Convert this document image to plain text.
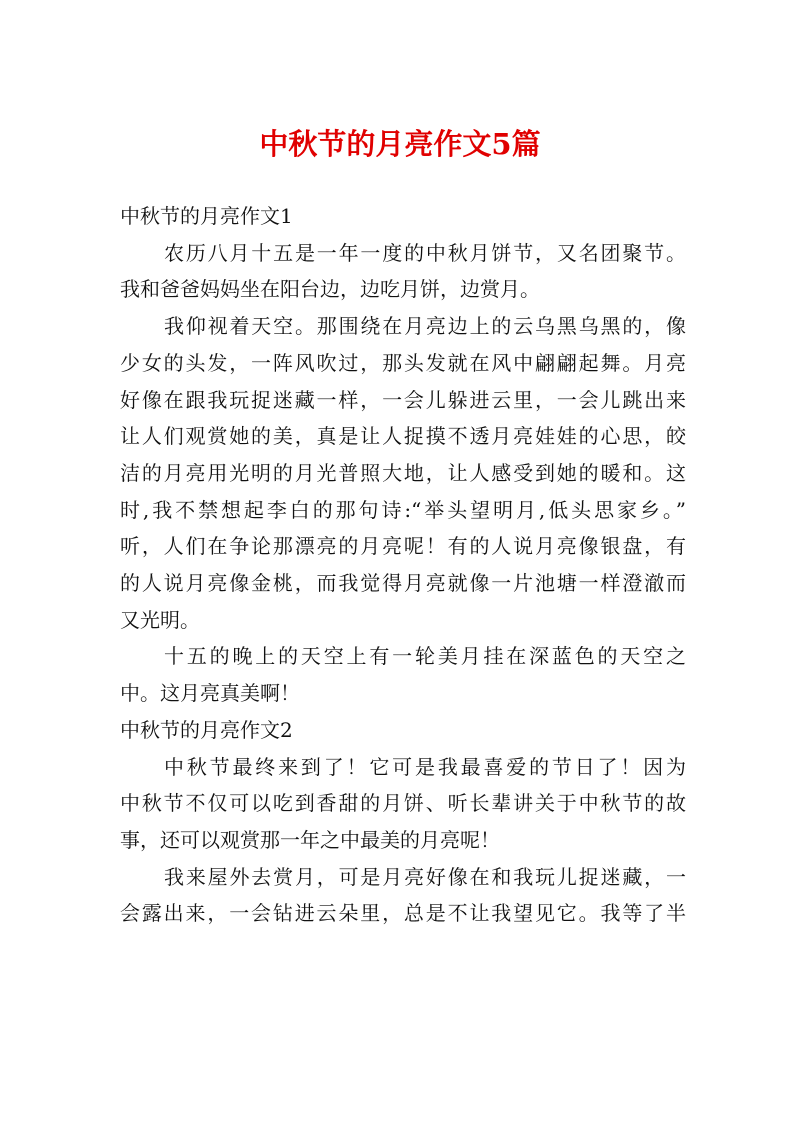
中秋节的月亮作文5篇

中秋节的月亮作文1

农历八月十五是一年一度的中秋月饼节，又名团聚节。
我和爸爸妈妈坐在阳台边，边吃月饼，边赏月。

我仰视着天空。那围绕在月亮边上的云乌黑乌黑的，像
少女的头发，一阵风吹过，那头发就在风中翩翩起舞。月亮
好像在跟我玩捉迷藏一样，一会儿躲进云里，一会儿跳出来
让人们观赏她的美，真是让人捉摸不透月亮娃娃的心思，皎
洁的月亮用光明的月光普照大地，让人感受到她的暖和。这
时,我不禁想起李白的那句诗:“举头望明月,低头思家乡。”
听，人们在争论那漂亮的月亮呢！有的人说月亮像银盘，有
的人说月亮像金桃，而我觉得月亮就像一片池塘一样澄澈而
又光明。

十五的晚上的天空上有一轮美月挂在深蓝色的天空之
中。这月亮真美啊！

中秋节的月亮作文2

中秋节最终来到了！它可是我最喜爱的节日了！因为
中秋节不仅可以吃到香甜的月饼、听长辈讲关于中秋节的故
事，还可以观赏那一年之中最美的月亮呢！

我来屋外去赏月，可是月亮好像在和我玩儿捉迷藏，一
会露出来，一会钻进云朵里，总是不让我望见它。我等了半
